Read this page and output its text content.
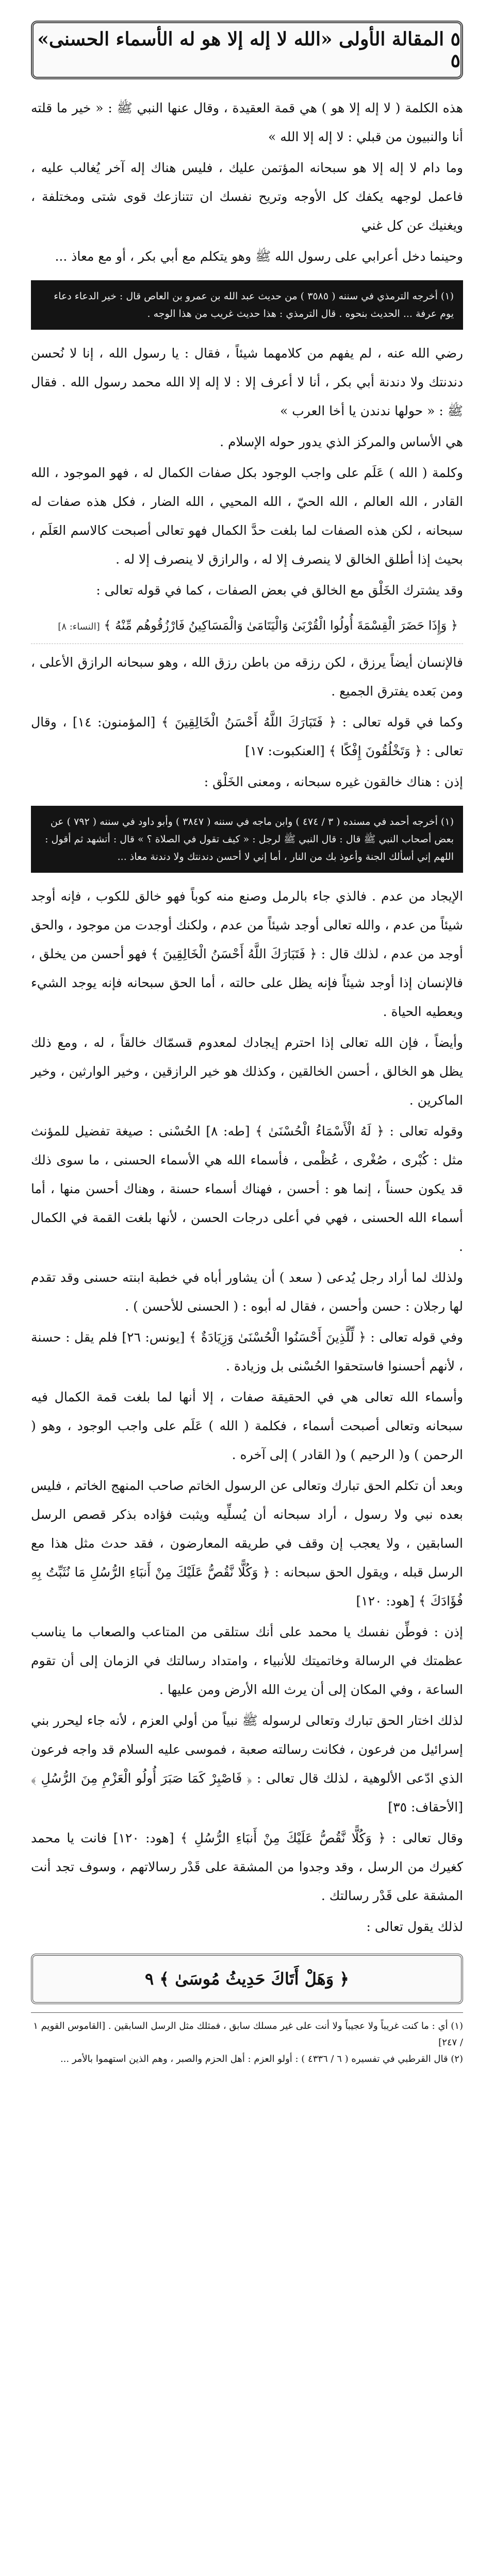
٥ المقالة الأولى «الله لا إله إلا هو له الأسماء الحسنى» ٥

هذه الكلمة ( لا إله إلا هو ) هي قمة العقيدة ، وقال عنها النبي ﷺ : « خير ما قلته أنا والنبيون من قبلي : لا إله إلا الله »

وما دام لا إله إلا هو سبحانه المؤتمن عليك ، فليس هناك إله آخر يُغالب عليه ، فاعمل لوجهه يكفك كل الأوجه وتريح نفسك ان تتنازعك قوى شتى ومختلفة ، ويغنيك عن كل غني

وحينما دخل أعرابي على رسول الله ﷺ وهو يتكلم مع أبي بكر ، أو مع معاذ ...

(١) أخرجه الترمذي في سننه ( ٣٥٨٥ ) من حديث عبد الله بن عمرو بن العاص قال : خير الدعاء دعاء يوم عرفة ... الحديث بنحوه . قال الترمذي : هذا حديث غريب من هذا الوجه .

رضي الله عنه ، لم يفهم من كلامهما شيئاً ، فقال : يا رسول الله ، إنا لا نُحسن دندنتك ولا دندنة أبي بكر ، أنا لا أعرف إلا : لا إله إلا الله محمد رسول الله . فقال ﷺ : « حولها ندندن يا أخا العرب »

هي الأساس والمركز الذي يدور حوله الإسلام .

وكلمة ( الله ) عَلَم على واجب الوجود بكل صفات الكمال له ، فهو الموجود ، الله القادر ، الله العالم ، الله الحيّ ، الله المحيي ، الله الضار ، فكل هذه صفات له سبحانه ، لكن هذه الصفات لما بلغت حدَّ الكمال فهو تعالى أصبحت كالاسم العَلَم ، بحيث إذا أطلق الخالق لا ينصرف إلا له ، والرازق لا ينصرف إلا له .

وقد يشترك الخَلْق مع الخالق في بعض الصفات ، كما في قوله تعالى :

﴿ وَإِذَا حَضَرَ الْقِسْمَةَ أُولُوا الْقُرْبَىٰ وَالْيَتَامَىٰ وَالْمَسَاكِينُ فَارْزُقُوهُم مِّنْهُ ﴾ [النساء: ٨]

فالإنسان أيضاً يرزق ، لكن رزقه من باطن رزق الله ، وهو سبحانه الرازق الأعلى ، ومن بَعده يفترق الجميع .

وكما في قوله تعالى : ﴿ فَتَبَارَكَ اللَّهُ أَحْسَنُ الْخَالِقِينَ ﴾ [المؤمنون: ١٤] ، وقال تعالى : ﴿ وَتَخْلُقُونَ إِفْكًا ﴾ [العنكبوت: ١٧]

إذن : هناك خالقون غيره سبحانه ، ومعنى الخَلْق :

(١) أخرجه أحمد في مسنده ( ٣ / ٤٧٤ ) وابن ماجه في سننه ( ٣٨٤٧ ) وأبو داود في سننه ( ٧٩٢ ) عن بعض أصحاب النبي ﷺ قال : قال النبي ﷺ لرجل : « كيف تقول في الصلاة ؟ » قال : أتشهد ثم أقول : اللهم إني أسألك الجنة وأعوذ بك من النار ، أما إني لا أحسن دندنتك ولا دندنة معاذ ...

الإيجاد من عدم . فالذي جاء بالرمل وصنع منه كوباً فهو خالق للكوب ، فإنه أوجد شيئاً من عدم ، والله تعالى أوجد شيئاً من عدم ، ولكنك أوجدت من موجود ، والحق أوجد من عدم ، لذلك قال : ﴿ فَتَبَارَكَ اللَّهُ أَحْسَنُ الْخَالِقِينَ ﴾ فهو أحسن من يخلق ، فالإنسان إذا أوجد شيئاً فإنه يظل على حالته ، أما الحق سبحانه فإنه يوجد الشيء ويعطيه الحياة .

وأيضاً ، فإن الله تعالى إذا احترم إيجادك لمعدوم قسمّاك خالقاً ، له ، ومع ذلك يظل هو الخالق ، أحسن الخالقين ، وكذلك هو خير الرازقين ، وخير الوارثين ، وخير الماكرين .

وقوله تعالى : ﴿ لَهُ الْأَسْمَاءُ الْحُسْنَىٰ ﴾ [طه: ٨] الحُسْنى : صيغة تفضيل للمؤنث مثل : كُبْرى ، صُغْرى ، عُظْمى ، فأسماء الله هي الأسماء الحسنى ، ما سوى ذلك قد يكون حسناً ، إنما هو : أحسن ، فهناك أسماء حسنة ، وهناك أحسن منها ، أما أسماء الله الحسنى ، فهي في أعلى درجات الحسن ، لأنها بلغت القمة في الكمال .

ولذلك لما أراد رجل يُدعى ( سعد ) أن يشاور أباه في خطبة ابنته حسنى وقد تقدم لها رجلان : حسن وأحسن ، فقال له أبوه : ( الحسنى للأحسن ) .

وفي قوله تعالى : ﴿ لِّلَّذِينَ أَحْسَنُوا الْحُسْنَىٰ وَزِيَادَةٌ ﴾ [يونس: ٢٦] فلم يقل : حسنة ، لأنهم أحسنوا فاستحقوا الحُسْنى بل وزيادة .

وأسماء الله تعالى هي في الحقيقة صفات ، إلا أنها لما بلغت قمة الكمال فيه سبحانه وتعالى أصبحت أسماء ، فكلمة ( الله ) عَلَم على واجب الوجود ، وهو ( الرحمن ) و( الرحيم ) و( القادر ) إلى آخره .

وبعد أن تكلم الحق تبارك وتعالى عن الرسول الخاتم صاحب المنهج الخاتم ، فليس بعده نبي ولا رسول ، أراد سبحانه أن يُسلِّيه ويثبت فؤاده بذكر قصص الرسل السابقين ، ولا يعجب إن وقف في طريقه المعارضون ، فقد حدث مثل هذا مع الرسل قبله ، ويقول الحق سبحانه : ﴿ وَكُلًّا نَّقُصُّ عَلَيْكَ مِنْ أَنبَاءِ الرُّسُلِ مَا نُثَبِّتُ بِهِ فُؤَادَكَ ﴾ [هود: ١٢٠]

إذن : فوطِّن نفسك يا محمد على أنك ستلقى من المتاعب والصعاب ما يناسب عظمتك في الرسالة وخاتميتك للأنبياء ، وامتداد رسالتك في الزمان إلى أن تقوم الساعة ، وفي المكان إلى أن يرث الله الأرض ومن عليها .

لذلك اختار الحق تبارك وتعالى لرسوله ﷺ نبياً من أولي العزم ، لأنه جاء ليحرر بني إسرائيل من فرعون ، فكانت رسالته صعبة ، فموسى عليه السلام قد واجه فرعون الذي ادّعى الألوهية ، لذلك قال تعالى : ﴿ فَاصْبِرْ كَمَا صَبَرَ أُولُو الْعَزْمِ مِنَ الرُّسُلِ ﴾ [الأحقاف: ٣٥]

وقال تعالى : ﴿ وَكُلًّا نَّقُصُّ عَلَيْكَ مِنْ أَنبَاءِ الرُّسُلِ ﴾ [هود: ١٢٠] فانت يا محمد كغيرك من الرسل ، وقد وجدوا من المشقة على قَدْر رسالاتهم ، وسوف تجد أنت المشقة على قَدْر رسالتك .

لذلك يقول تعالى :

﴿ وَهَلْ أَتَاكَ حَدِيثُ مُوسَىٰ ﴾ ٩
(١) أي : ما كنت غريباً ولا عجيباً ولا أنت على غير مسلك سابق ، فمثلك مثل الرسل السابقين . [القاموس القويم ١ / ٢٤٧]
(٢) قال القرطبي في تفسيره ( ٦ / ٤٣٣٦ ) : أولو العزم : أهل الحزم والصبر ، وهم الذين استهموا بالأمر ...
